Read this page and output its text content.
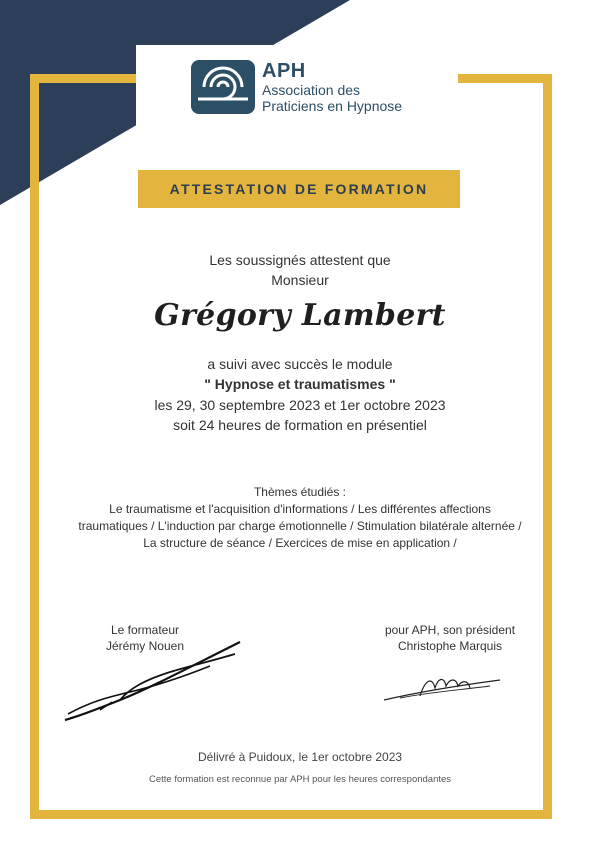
APH
Association des
Praticiens en Hypnose
ATTESTATION DE FORMATION
Les soussignés attestent que
Monsieur
Grégory Lambert
a suivi avec succès le module
" Hypnose et traumatismes "
les 29, 30 septembre 2023 et 1er octobre 2023
soit 24 heures de formation en présentiel
Thèmes étudiés :
Le traumatisme et l'acquisition d'informations / Les différentes affections
traumatiques / L'induction par charge émotionnelle / Stimulation bilatérale alternée /
La structure de séance / Exercices de mise en application /
Le formateur
Jérémy Nouen
pour APH, son président
Christophe Marquis
Délivré à Puidoux, le 1er octobre 2023
Cette formation est reconnue par APH pour les heures correspondantes
